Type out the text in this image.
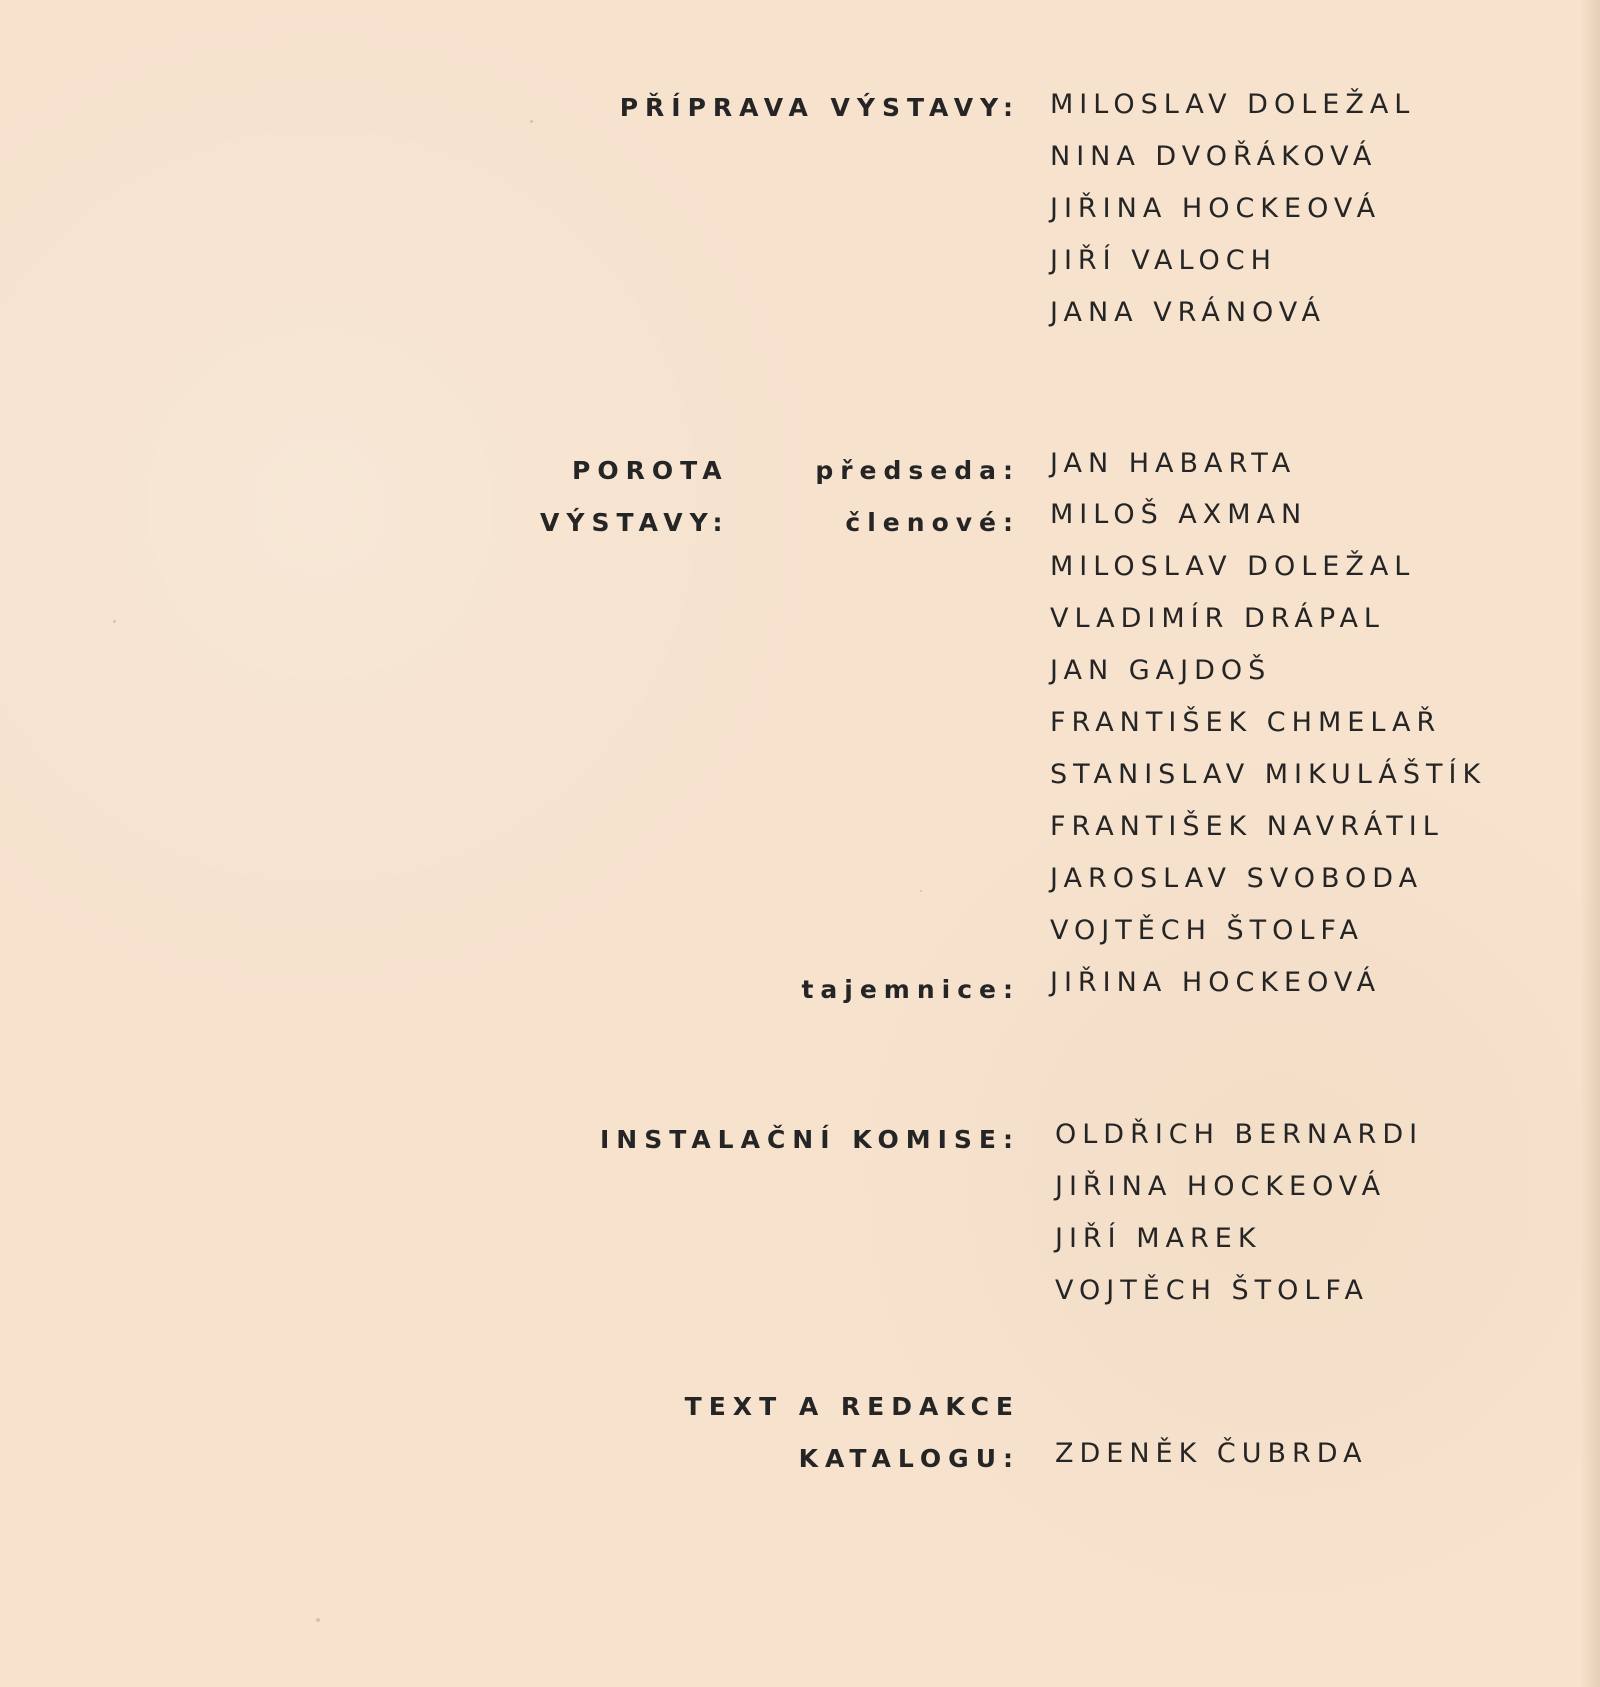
PŘÍPRAVA VÝSTAVY: MILOSLAV DOLEŽAL
NINA DVOŘÁKOVÁ
JIŘINA HOCKEOVÁ
JIŘÍ VALOCH
JANA VRÁNOVÁ
POROTA
VÝSTAVY:
předseda: JAN HABARTA
členové: MILOŠ AXMAN
MILOSLAV DOLEŽAL
VLADIMÍR DRÁPAL
JAN GAJDOŠ
FRANTIŠEK CHMELAŘ
STANISLAV MIKULÁŠTÍK
FRANTIŠEK NAVRÁTIL
JAROSLAV SVOBODA
VOJTĚCH ŠTOLFA
tajemnice: JIŘINA HOCKEOVÁ
INSTALAČNÍ KOMISE: OLDŘICH BERNARDI
JIŘINA HOCKEOVÁ
JIŘÍ MAREK
VOJTĚCH ŠTOLFA
TEXT A REDAKCE
KATALOGU: ZDENĚK ČUBRDA
